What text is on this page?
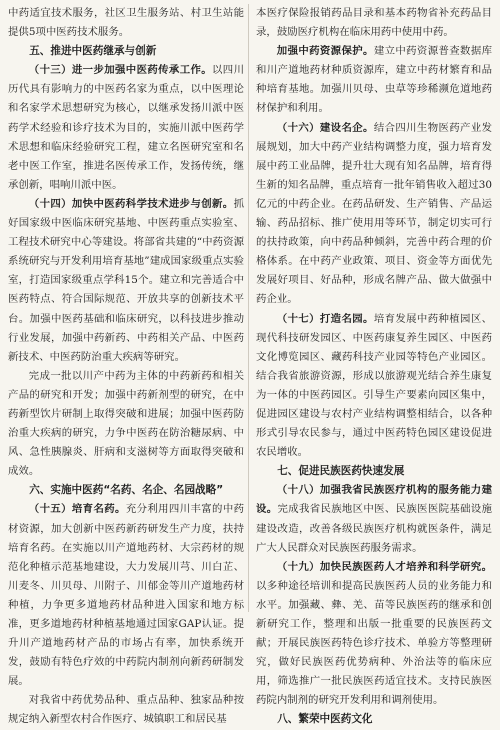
中药适宜技术服务，社区卫生服务站、村卫生站能提供5项中医药技术服务。

五、推进中医药继承与创新

（十三）进一步加强中医药传承工作。以四川历代具有影响力的中医药名家为重点，以中医理论和名家学术思想研究为核心，以继承发扬川派中医药学术经验和诊疗技术为目的，实施川派中医药学术思想和临床经验研究工程，建立名医研究室和名老中医工作室，推进名医传承工作，发扬传统，继承创新，唱响川派中医。

（十四）加快中医药科学技术进步与创新。抓好国家级中医临床研究基地、中医药重点实验室、工程技术研究中心等建设。将部省共建的“中药资源系统研究与开发利用培育基地”建成国家级重点实验室，打造国家级重点学科15个。建立和完善适合中医药特点、符合国际规范、开放共享的创新技术平台。加强中医药基础和临床研究，以科技进步推动行业发展，加强中药新药、中药相关产品、中医药新技术、中医药防治重大疾病等研究。

完成一批以川产中药为主体的中药新药和相关产品的研究和开发；加强中药新剂型的研究，在中药新型饮片研制上取得突破和进展；加强中医药防治重大疾病的研究，力争中医药在防治糖尿病、中风、急性胰腺炎、肝病和支滋树等方面取得突破和成效。

六、实施中医药“名药、名企、名园战略”

（十五）培育名药。充分利用四川丰富的中药材资源，加大创新中医药新药研发生产力度，扶持培育名药。在实施以川产道地药材、大宗药材的规范化种植示范基地建设，大力发展川芎、川白芷、川麦冬、川贝母、川附子、川郁金等川产道地药材种植，力争更多道地药材品种进入国家和地方标准，更多道地药材种植基地通过国家GAP认证。提升川产道地药材产品的市场占有率，加快系统开发，鼓励有特色疗效的中药院内制剂向新药研制发展。

对我省中药优势品种、重点品种、独家品种按规定纳入新型农村合作医疗、城镇职工和居民基

本医疗保险报销药品目录和基本药物省补充药品目录，鼓励医疗机构在临床用药中使用中药。

加强中药资源保护。建立中药资源普查数据库和川产道地药材种质资源库，建立中药材繁育和品种培育基地。加强川贝母、虫草等珍稀濒危道地药材保护和利用。

（十六）建设名企。结合四川生物医药产业发展规划，加大中药产业结构调整力度，强力培育发展中药工业品牌，提升壮大现有知名品牌，培育得生新的知名品牌，重点培育一批年销售收入超过30亿元的中药企业。在药品研发、生产销售、产品运输、药品招标、推广使用用等环节，制定切实可行的扶持政策，向中药品种倾斜，完善中药合理的价格体系。在中药产业政策、项目、资金等方面优先发展好项目、好品种，形成名牌产品、做大做强中药企业。

（十七）打造名园。培育发展中药种植园区、现代科技研发园区、中医药康复养生园区、中医药文化博览园区、藏药科技产业园等特色产业园区。结合我省旅游资源，形成以旅游观光结合养生康复为一体的中医药园区。引导生产要素向园区集中，促进园区建设与农村产业结构调整相结合，以各种形式引导农民参与，通过中医药特色园区建设促进农民增收。

七、促进民族医药快速发展

（十八）加强我省民族医疗机构的服务能力建设。完成我省民族地区中医、民族医医院基础设施建设改造，改善各级民族医疗机构就医条件，满足广大人民群众对民族医药服务需求。

（十九）加快民族医药人才培养和科学研究。以多种途径培训和提高民族医药人员的业务能力和水平。加强藏、彝、羌、苗等民族医药的继承和创新研究工作，整理和出版一批重要的民族医药文献；开展民族医药特色诊疗技术、单验方等整理研究，做好民族医药优势病种、外治法等的临床应用，筛选推广一批民族医药适宜技术。支持民族医药院内制剂的研究开发利用和调剂使用。

八、繁荣中医药文化
